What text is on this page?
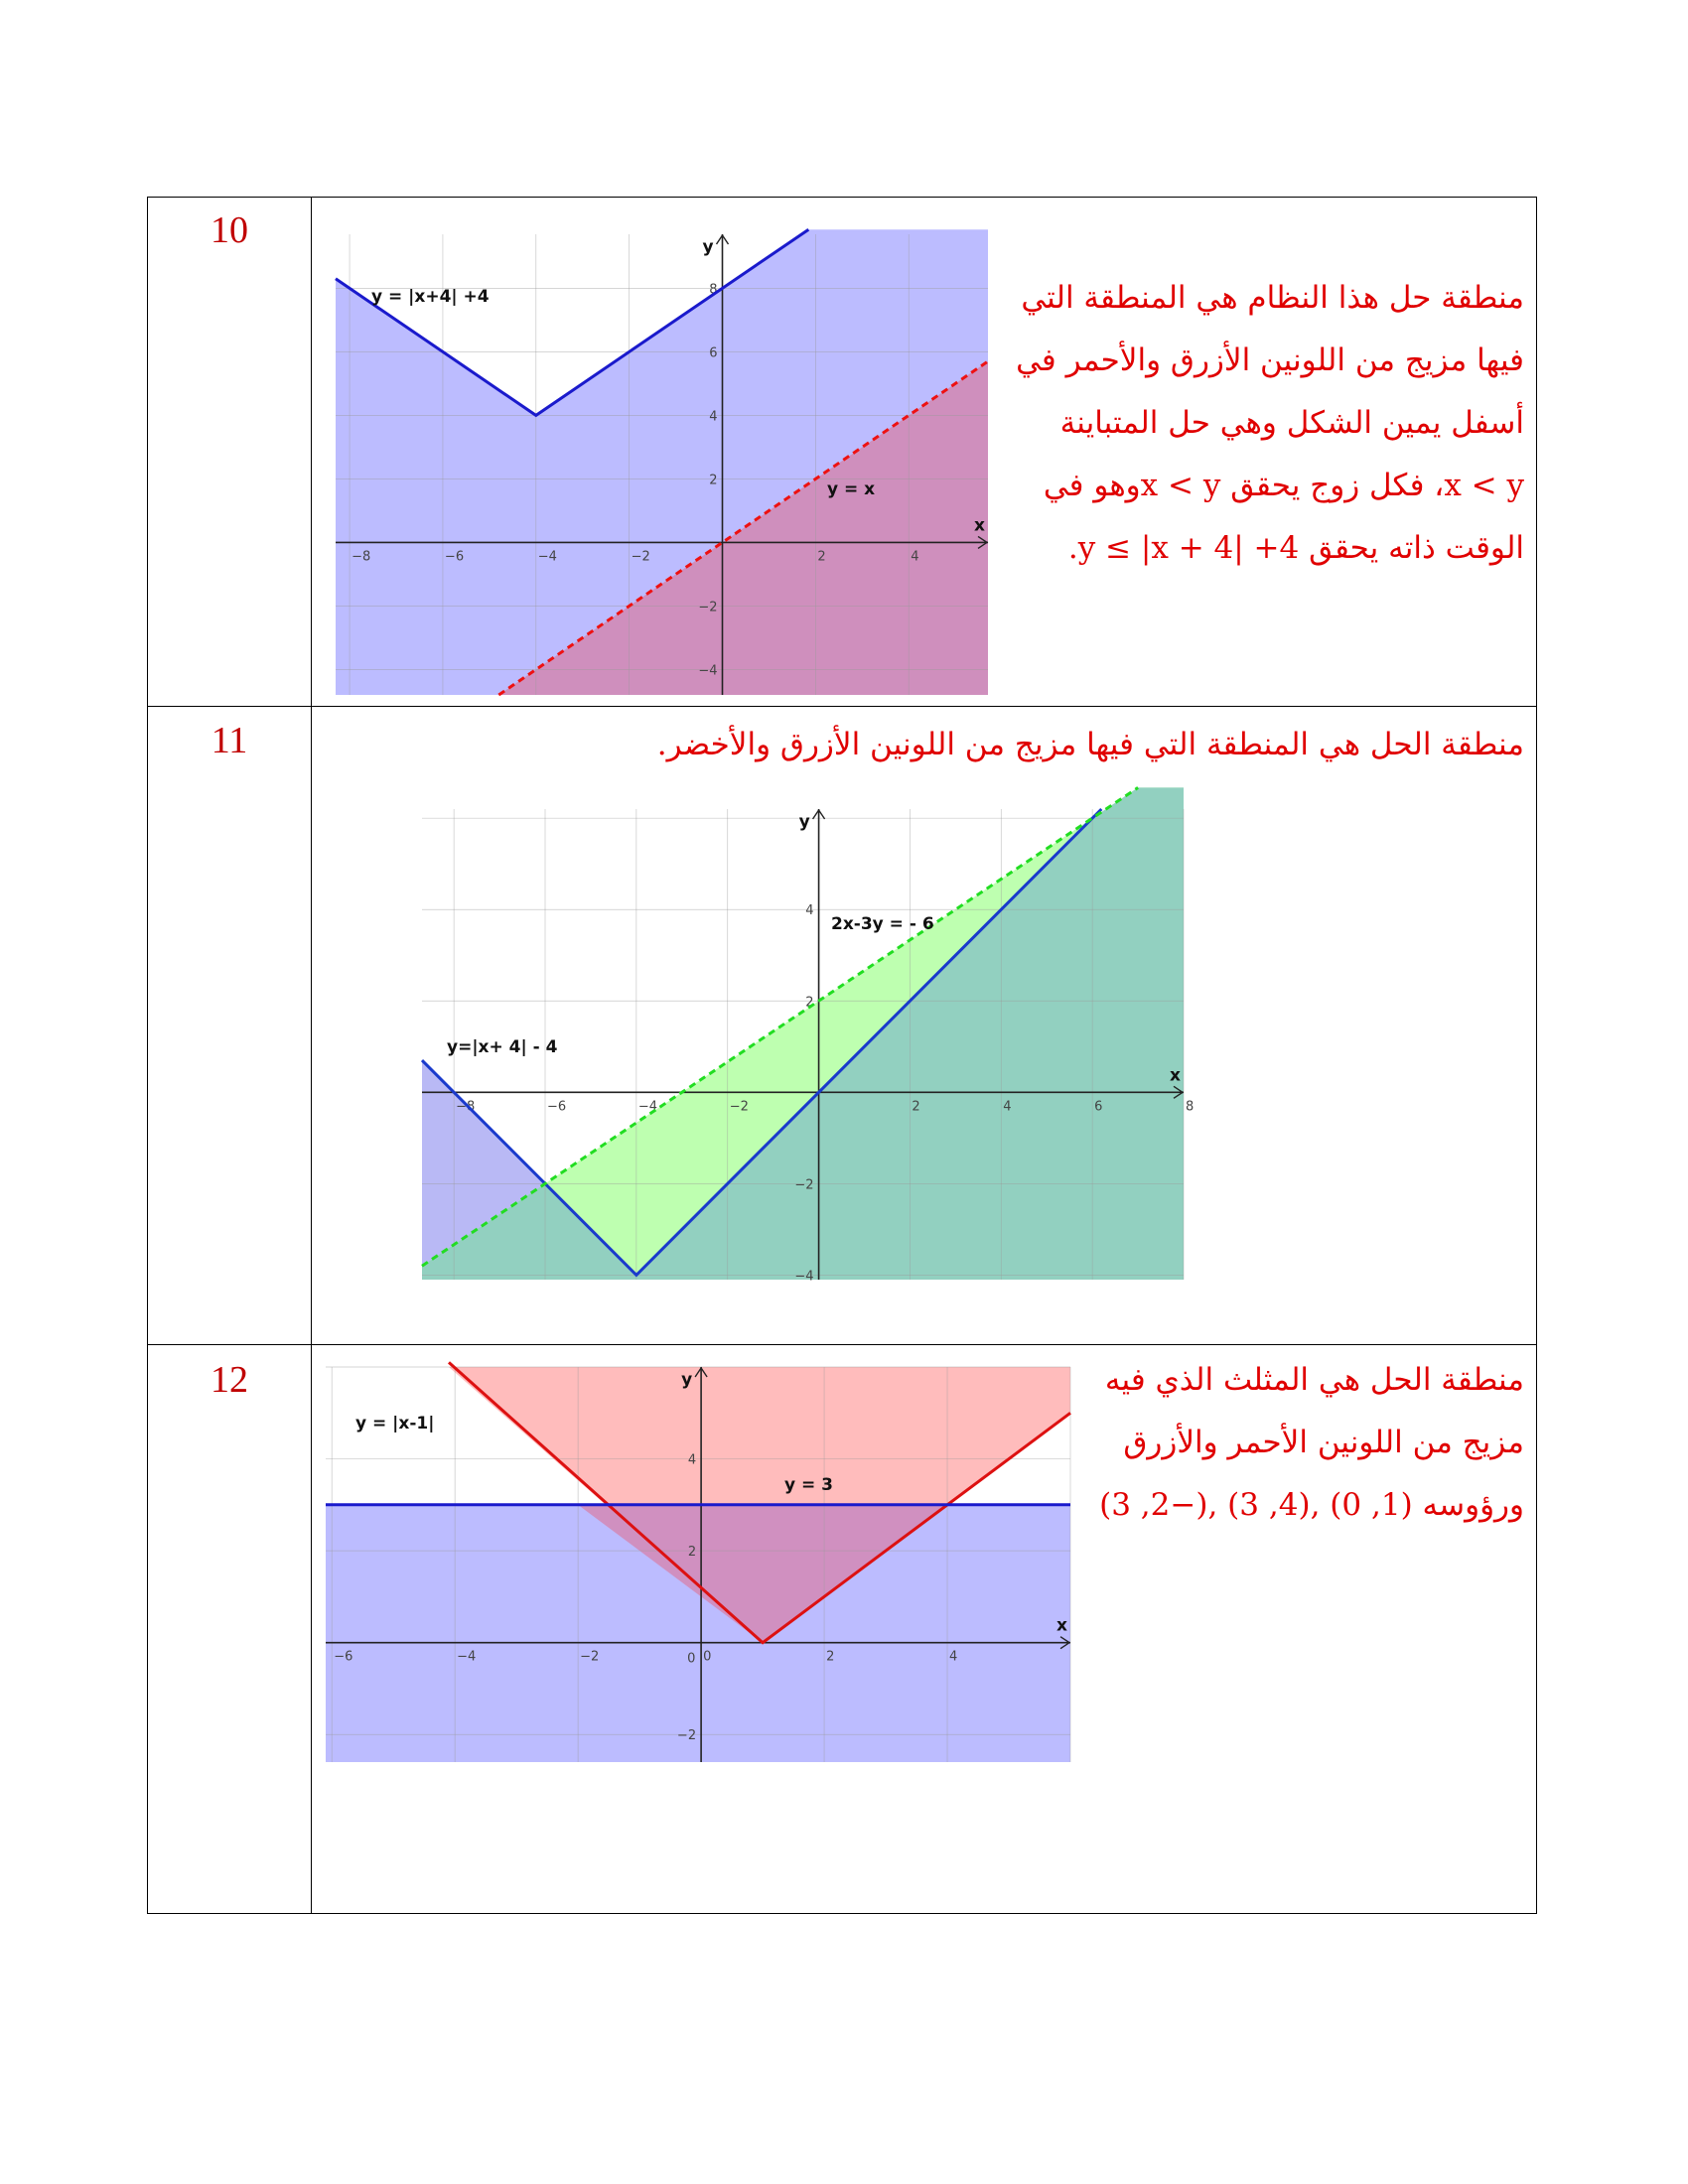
10
منطقة حل هذا النظام هي المنطقة التي
فيها مزيج من اللونين الأزرق والأحمر في
أسفل يمين الشكل وهي حل المتباينة
x < y، فكل زوج يحقق x < yوهو في
الوقت ذاته يحقق y ≤ |x + 4| +4.
11	منطقة الحل هي المنطقة التي فيها مزيج من اللونين الأزرق والأخضر.
12	منطقة الحل هي المثلث الذي فيه
مزيج من اللونين الأحمر والأزرق
ورؤوسه (1, 0) ,(4, 3) ,(−2, 3)
−8	−6	−4	−2	2	4
8
6
4
2
−2
−4
y = |x+4| +4
y = x
x
y
−8	−6	−4	−2	2	4	6	8
4
2
−2
−4
y=|x+ 4| - 4
2x-3y = - 6
x
y
−6	−4	−2	0	2	4
4
2
−2
0
y = |x-1|
y = 3
x
y
